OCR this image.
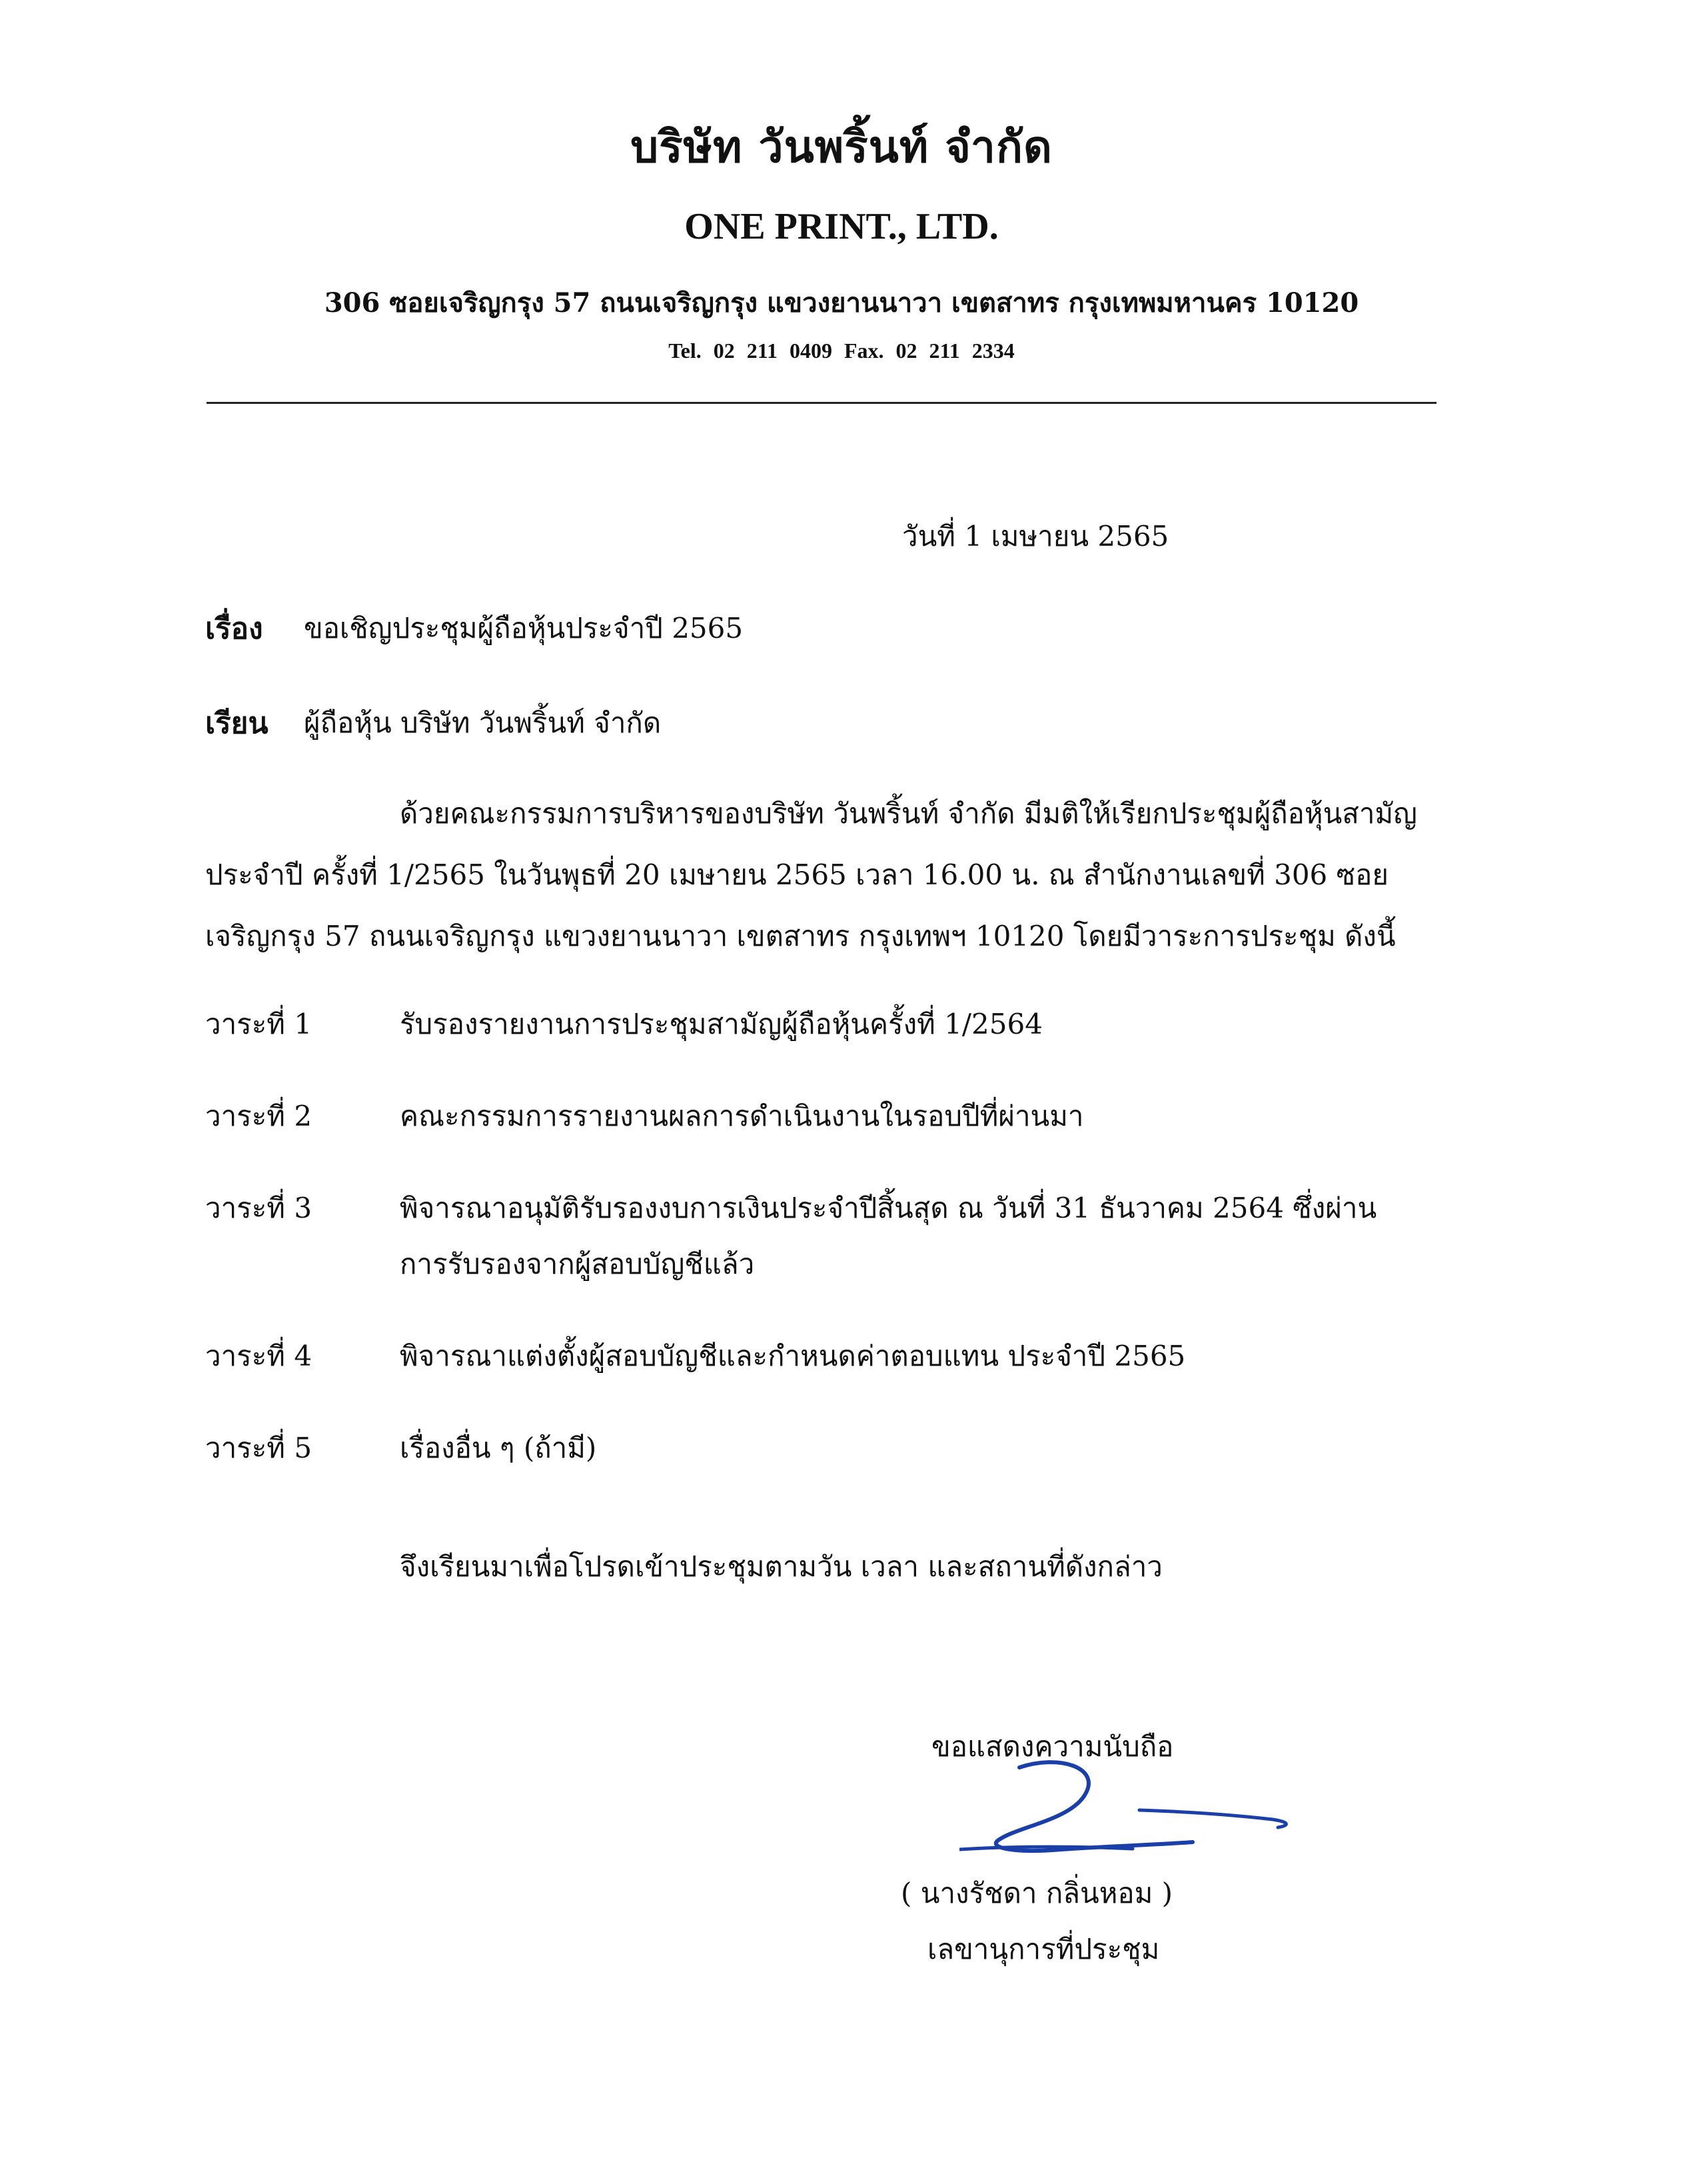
บริษัท วันพริ้นท์ จำกัด
ONE PRINT., LTD.
306 ซอยเจริญกรุง 57 ถนนเจริญกรุง แขวงยานนาวา เขตสาทร กรุงเทพมหานคร 10120
Tel. 02 211 0409 Fax. 02 211 2334
วันที่ 1 เมษายน 2565
เรื่อง ขอเชิญประชุมผู้ถือหุ้นประจำปี 2565
เรียน ผู้ถือหุ้น บริษัท วันพริ้นท์ จำกัด
ด้วยคณะกรรมการบริหารของบริษัท วันพริ้นท์ จำกัด มีมติให้เรียกประชุมผู้ถือหุ้นสามัญ
ประจำปี ครั้งที่ 1/2565 ในวันพุธที่ 20 เมษายน 2565 เวลา 16.00 น. ณ สำนักงานเลขที่ 306 ซอย
เจริญกรุง 57 ถนนเจริญกรุง แขวงยานนาวา เขตสาทร กรุงเทพฯ 10120 โดยมีวาระการประชุม ดังนี้
วาระที่ 1	รับรองรายงานการประชุมสามัญผู้ถือหุ้นครั้งที่ 1/2564
วาระที่ 2	คณะกรรมการรายงานผลการดำเนินงานในรอบปีที่ผ่านมา
วาระที่ 3	พิจารณาอนุมัติรับรองงบการเงินประจำปีสิ้นสุด ณ วันที่ 31 ธันวาคม 2564 ซึ่งผ่าน
การรับรองจากผู้สอบบัญชีแล้ว
วาระที่ 4	พิจารณาแต่งตั้งผู้สอบบัญชีและกำหนดค่าตอบแทน ประจำปี 2565
วาระที่ 5	เรื่องอื่น ๆ (ถ้ามี)
จึงเรียนมาเพื่อโปรดเข้าประชุมตามวัน เวลา และสถานที่ดังกล่าว
ขอแสดงความนับถือ
( นางรัชดา กลิ่นหอม )
เลขานุการที่ประชุม
